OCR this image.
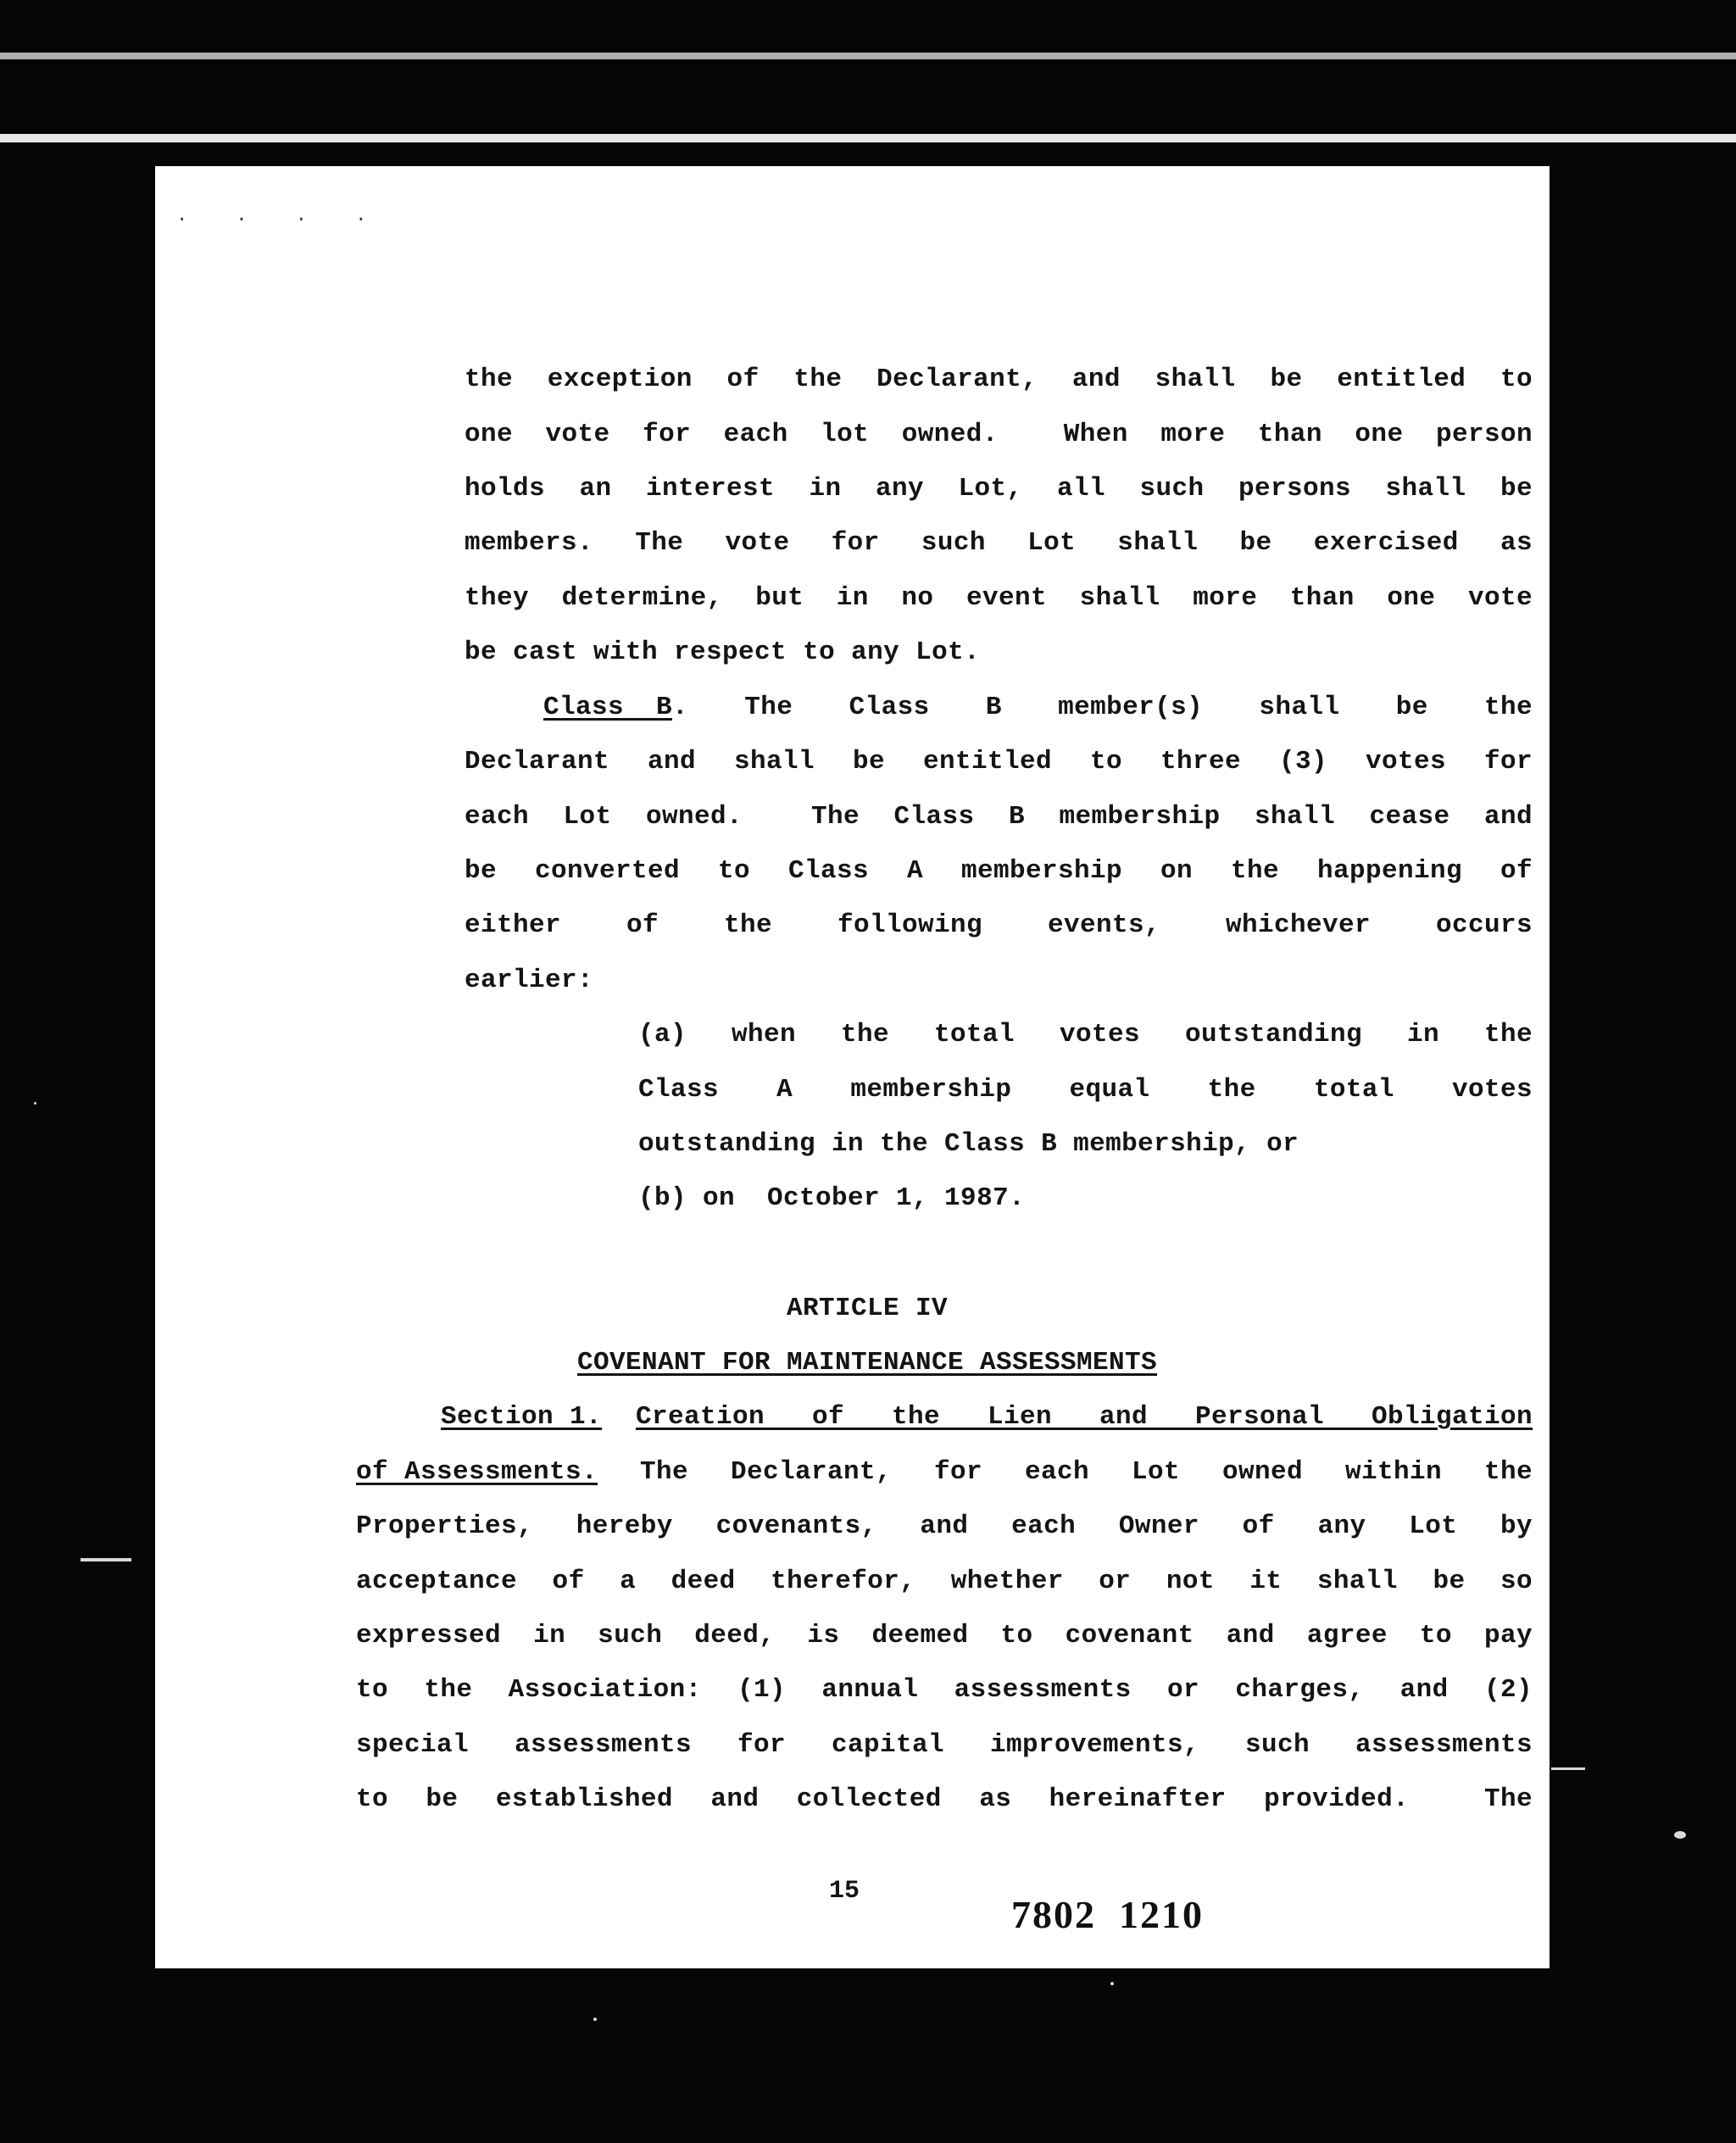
. . . .

the exception of the Declarant, and shall be entitled to

one vote for each lot owned.  When more than one person

holds an interest in any Lot, all such persons shall be

members. The vote for such Lot shall be exercised as

they determine, but in no event shall more than one vote

be cast with respect to any Lot.

Class  B . The Class B member(s) shall be the

Declarant and shall be entitled to three (3) votes for

each Lot owned.  The Class B membership shall cease and

be converted to Class A membership on the happening of

either of the following events, whichever occurs

earlier:

(a) when the total votes outstanding in the

Class A membership equal the total votes

outstanding in the Class B membership, or

(b) on  October 1, 1987.

ARTICLE IV

COVENANT FOR MAINTENANCE ASSESSMENTS

Section 1. Creation of the Lien and Personal Obligation
of Assessments. The Declarant, for each Lot owned within the

Properties, hereby covenants, and each Owner of any Lot by

acceptance of a deed therefor, whether or not it shall be so

expressed in such deed, is deemed to covenant and agree to pay

to the Association: (1) annual assessments or charges, and (2)

special assessments for capital improvements, such assessments

to be established and collected as hereinafter provided.  The

15
7802  1210
